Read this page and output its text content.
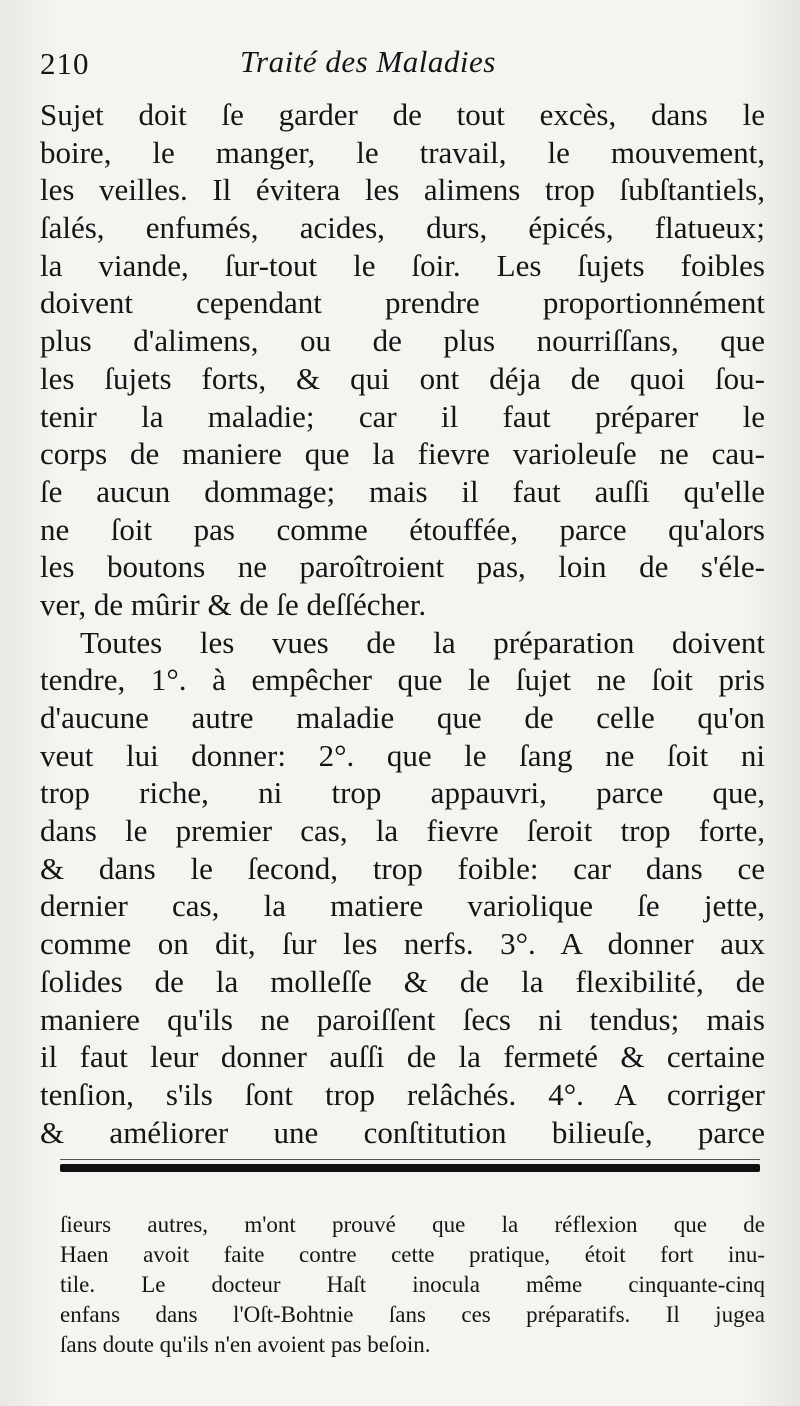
210	Traité des Maladies
Sujet doit ſe garder de tout excès, dans le
boire, le manger, le travail, le mouvement,
les veilles. Il évitera les alimens trop ſubſtantiels,
ſalés, enfumés, acides, durs, épicés, flatueux;
la viande, ſur-tout le ſoir. Les ſujets foibles
doivent cependant prendre proportionnément
plus d'alimens, ou de plus nourriſſans, que
les ſujets forts, & qui ont déja de quoi ſou-
tenir la maladie; car il faut préparer le
corps de maniere que la fievre varioleuſe ne cau-
ſe aucun dommage; mais il faut auſſi qu'elle
ne ſoit pas comme étouffée, parce qu'alors
les boutons ne paroîtroient pas, loin de s'éle-
ver, de mûrir & de ſe deſſécher.
Toutes les vues de la préparation doivent
tendre, 1°. à empêcher que le ſujet ne ſoit pris
d'aucune autre maladie que de celle qu'on
veut lui donner: 2°. que le ſang ne ſoit ni
trop riche, ni trop appauvri, parce que,
dans le premier cas, la fievre ſeroit trop forte,
& dans le ſecond, trop foible: car dans ce
dernier cas, la matiere variolique ſe jette,
comme on dit, ſur les nerfs. 3°. A donner aux
ſolides de la molleſſe & de la flexibilité, de
maniere qu'ils ne paroiſſent ſecs ni tendus; mais
il faut leur donner auſſi de la fermeté & certaine
tenſion, s'ils ſont trop relâchés. 4°. A corriger
& améliorer une conſtitution bilieuſe, parce
ſieurs autres, m'ont prouvé que la réflexion que de
Haen avoit faite contre cette pratique, étoit fort inu-
tile. Le docteur Haſt inocula même cinquante-cinq
enfans dans l'Oſt-Bohtnie ſans ces préparatifs. Il jugea
ſans doute qu'ils n'en avoient pas beſoin.
